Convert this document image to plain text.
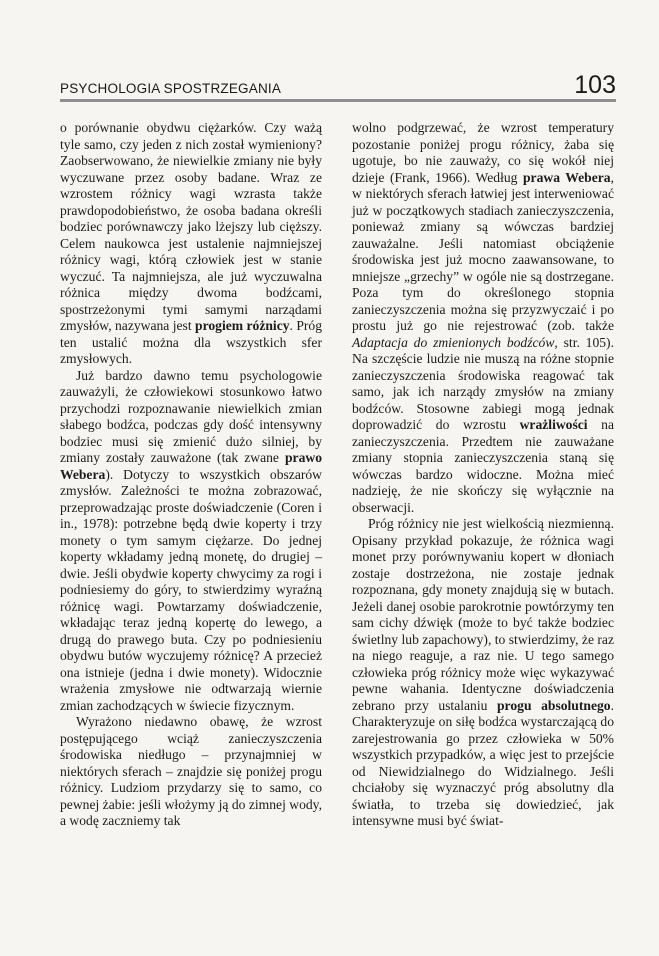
PSYCHOLOGIA SPOSTRZEGANIA	103

o porównanie obydwu ciężarków. Czy ważą tyle samo, czy jeden z nich został wymieniony? Zaobserwowano, że niewielkie zmiany nie były wyczuwane przez osoby badane. Wraz ze wzrostem różnicy wagi wzrasta także prawdopodobieństwo, że osoba badana określi bodziec porównawczy jako lżejszy lub cięższy. Celem naukowca jest ustalenie najmniejszej różnicy wagi, którą człowiek jest w stanie wyczuć. Ta najmniejsza, ale już wyczuwalna różnica między dwoma bodźcami, spostrzeżonymi tymi samymi narządami zmysłów, nazywana jest progiem różnicy. Próg ten ustalić można dla wszystkich sfer zmysłowych.

Już bardzo dawno temu psychologowie zauważyli, że człowiekowi stosunkowo łatwo przychodzi rozpoznawanie niewielkich zmian słabego bodźca, podczas gdy dość intensywny bodziec musi się zmienić dużo silniej, by zmiany zostały zauważone (tak zwane prawo Webera). Dotyczy to wszystkich obszarów zmysłów. Zależności te można zobrazować, przeprowadzając proste doświadczenie (Coren i in., 1978): potrzebne będą dwie koperty i trzy monety o tym samym ciężarze. Do jednej koperty wkładamy jedną monetę, do drugiej – dwie. Jeśli obydwie koperty chwycimy za rogi i podniesiemy do góry, to stwierdzimy wyraźną różnicę wagi. Powtarzamy doświadczenie, wkładając teraz jedną kopertę do lewego, a drugą do prawego buta. Czy po podniesieniu obydwu butów wyczujemy różnicę? A przecież ona istnieje (jedna i dwie monety). Widocznie wrażenia zmysłowe nie odtwarzają wiernie zmian zachodzących w świecie fizycznym.

Wyrażono niedawno obawę, że wzrost postępującego wciąż zanieczyszczenia środowiska niedługo – przynajmniej w niektórych sferach – znajdzie się poniżej progu różnicy. Ludziom przydarzy się to samo, co pewnej żabie: jeśli włożymy ją do zimnej wody, a wodę zaczniemy tak

wolno podgrzewać, że wzrost temperatury pozostanie poniżej progu różnicy, żaba się ugotuje, bo nie zauważy, co się wokół niej dzieje (Frank, 1966). Według prawa Webera, w niektórych sferach łatwiej jest interweniować już w początkowych stadiach zanieczyszczenia, ponieważ zmiany są wówczas bardziej zauważalne. Jeśli natomiast obciążenie środowiska jest już mocno zaawansowane, to mniejsze „grzechy” w ogóle nie są dostrzegane. Poza tym do określonego stopnia zanieczyszczenia można się przyzwyczaić i po prostu już go nie rejestrować (zob. także Adaptacja do zmienionych bodźców, str. 105). Na szczęście ludzie nie muszą na różne stopnie zanieczyszczenia środowiska reagować tak samo, jak ich narządy zmysłów na zmiany bodźców. Stosowne zabiegi mogą jednak doprowadzić do wzrostu wrażliwości na zanieczyszczenia. Przedtem nie zauważane zmiany stopnia zanieczyszczenia staną się wówczas bardzo widoczne. Można mieć nadzieję, że nie skończy się wyłącznie na obserwacji.

Próg różnicy nie jest wielkością niezmienną. Opisany przykład pokazuje, że różnica wagi monet przy porównywaniu kopert w dłoniach zostaje dostrzeżona, nie zostaje jednak rozpoznana, gdy monety znajdują się w butach. Jeżeli danej osobie parokrotnie powtórzymy ten sam cichy dźwięk (może to być także bodziec świetlny lub zapachowy), to stwierdzimy, że raz na niego reaguje, a raz nie. U tego samego człowieka próg różnicy może więc wykazywać pewne wahania. Identyczne doświadczenia zebrano przy ustalaniu progu absolutnego. Charakteryzuje on siłę bodźca wystarczającą do zarejestrowania go przez człowieka w 50% wszystkich przypadków, a więc jest to przejście od Niewidzialnego do Widzialnego. Jeśli chciałoby się wyznaczyć próg absolutny dla światła, to trzeba się dowiedzieć, jak intensywne musi być świat-
